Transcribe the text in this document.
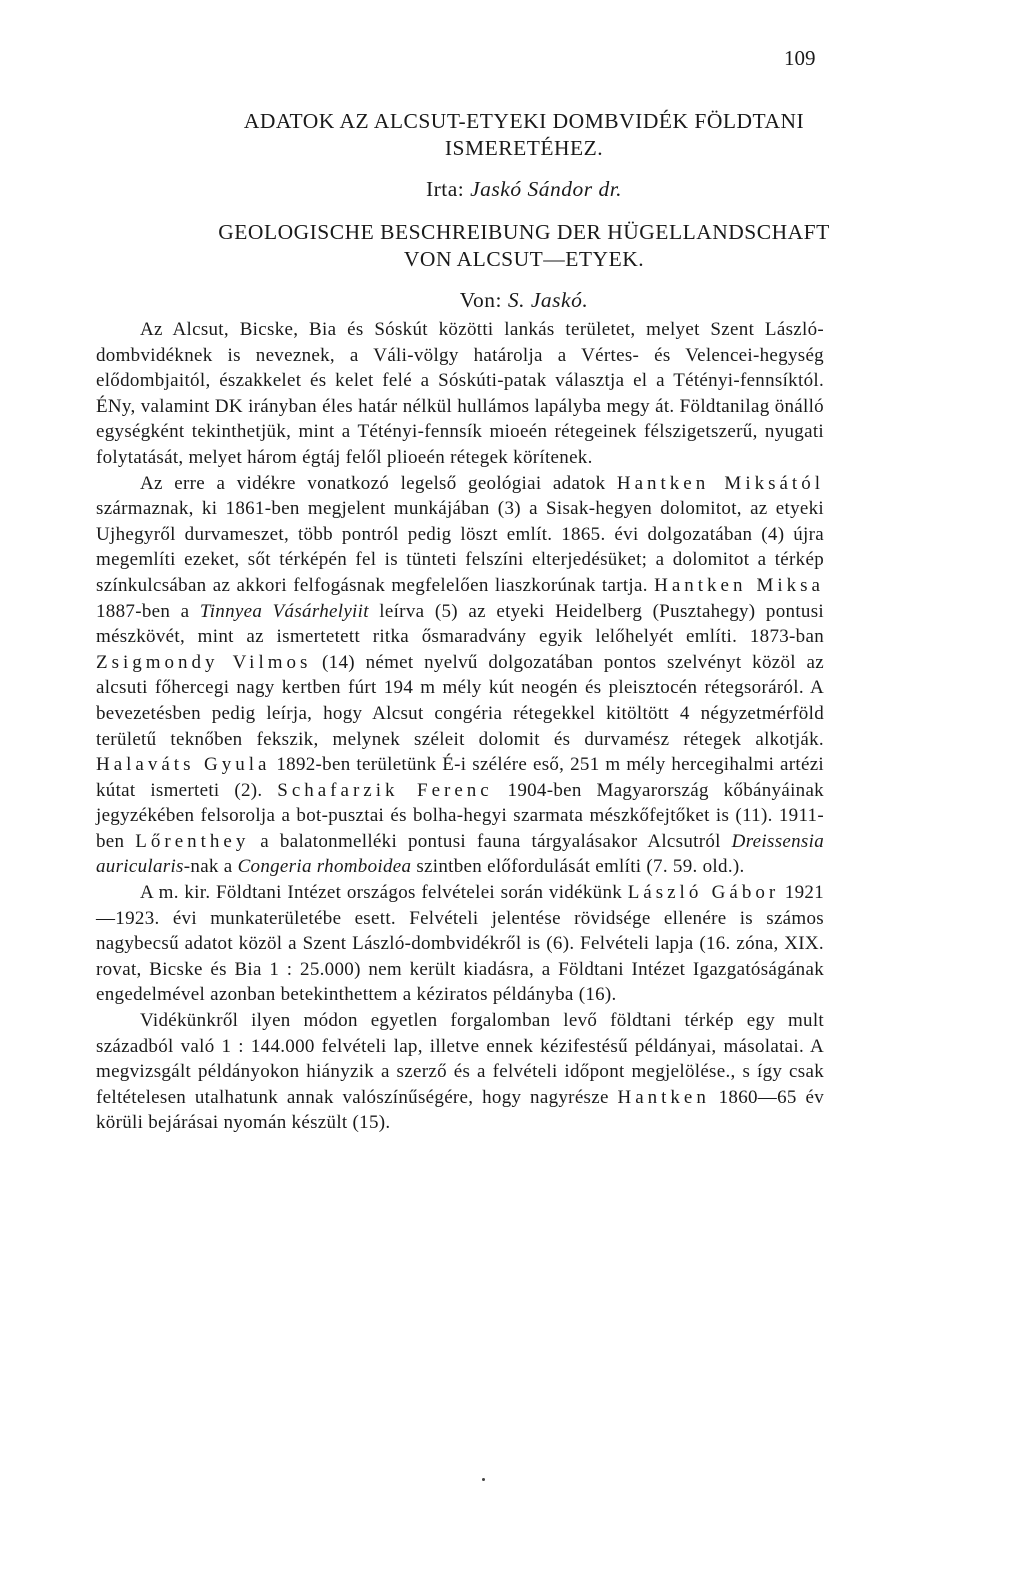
109
ADATOK AZ ALCSUT-ETYEKI DOMBVIDÉK FÖLDTANI ISMERETÉHEZ.
Irta: Jaskó Sándor dr.
GEOLOGISCHE BESCHREIBUNG DER HÜGELLANDSCHAFT VON ALCSUT—ETYEK.
Von: S. Jaskó.

Az Alcsut, Bicske, Bia és Sóskút közötti lankás területet, melyet Szent László-dombvidéknek is neveznek, a Váli-völgy határolja a Vértes- és Velencei-hegység elődombjaitól, északkelet és kelet felé a Sóskúti-patak választja el a Tétényi-fennsíktól. ÉNy, valamint DK irányban éles határ nélkül hullámos lapályba megy át. Földtanilag önálló egységként tekinthetjük, mint a Tétényi-fennsík mioeén rétegeinek félszigetszerű, nyugati folytatását, melyet három égtáj felől plioeén rétegek körítenek.

Az erre a vidékre vonatkozó legelső geológiai adatok Hantken Miksától származnak, ki 1861-ben megjelent munkájában (3) a Sisak-hegyen dolomitot, az etyeki Ujhegyről durvameszet, több pontról pedig löszt említ. 1865. évi dolgozatában (4) újra megemlíti ezeket, sőt térképén fel is tünteti felszíni elterjedésüket; a dolomitot a térkép színkulcsában az akkori felfogásnak megfelelően liaszkorúnak tartja. Hantken Miksa 1887-ben a Tinnyea Vásárhelyiit leírva (5) az etyeki Heidelberg (Pusztahegy) pontusi mészkövét, mint az ismertetett ritka ősmaradvány egyik lelőhelyét említi. 1873-ban Zsigmondy Vilmos (14) német nyelvű dolgozatában pontos szelvényt közöl az alcsuti főhercegi nagy kertben fúrt 194 m mély kút neogén és pleisztocén rétegsoráról. A bevezetésben pedig leírja, hogy Alcsut congéria rétegekkel kitöltött 4 négyzetmérföld területű teknőben fekszik, melynek széleit dolomit és durvamész rétegek alkotják. Halaváts Gyula 1892-ben területünk É-i szélére eső, 251 m mély hercegihalmi artézi kútat ismerteti (2). Schafarzik Ferenc 1904-ben Magyarország kőbányáinak jegyzékében felsorolja a bot-pusztai és bolha-hegyi szarmata mészkőfejtőket is (11). 1911-ben Lőrenthey a balatonmelléki pontusi fauna tárgyalásakor Alcsutról Dreissensia auricularis-nak a Congeria rhomboidea szintben előfordulását említi (7. 59. old.).

A m. kir. Földtani Intézet országos felvételei során vidékünk László Gábor 1921—1923. évi munkaterületébe esett. Felvételi jelentése rövidsége ellenére is számos nagybecsű adatot közöl a Szent László-dombvidékről is (6). Felvételi lapja (16. zóna, XIX. rovat, Bicske és Bia 1 : 25.000) nem került kiadásra, a Földtani Intézet Igazgatóságának engedelmével azonban betekinthettem a kéziratos példányba (16).

Vidékünkről ilyen módon egyetlen forgalomban levő földtani térkép egy mult századból való 1 : 144.000 felvételi lap, illetve ennek kézifestésű példányai, másolatai. A megvizsgált példányokon hiányzik a szerző és a felvételi időpont megjelölése., s így csak feltételesen utalhatunk annak valószínűségére, hogy nagyrésze Hantken 1860—65 év körüli bejárásai nyomán készült (15).
